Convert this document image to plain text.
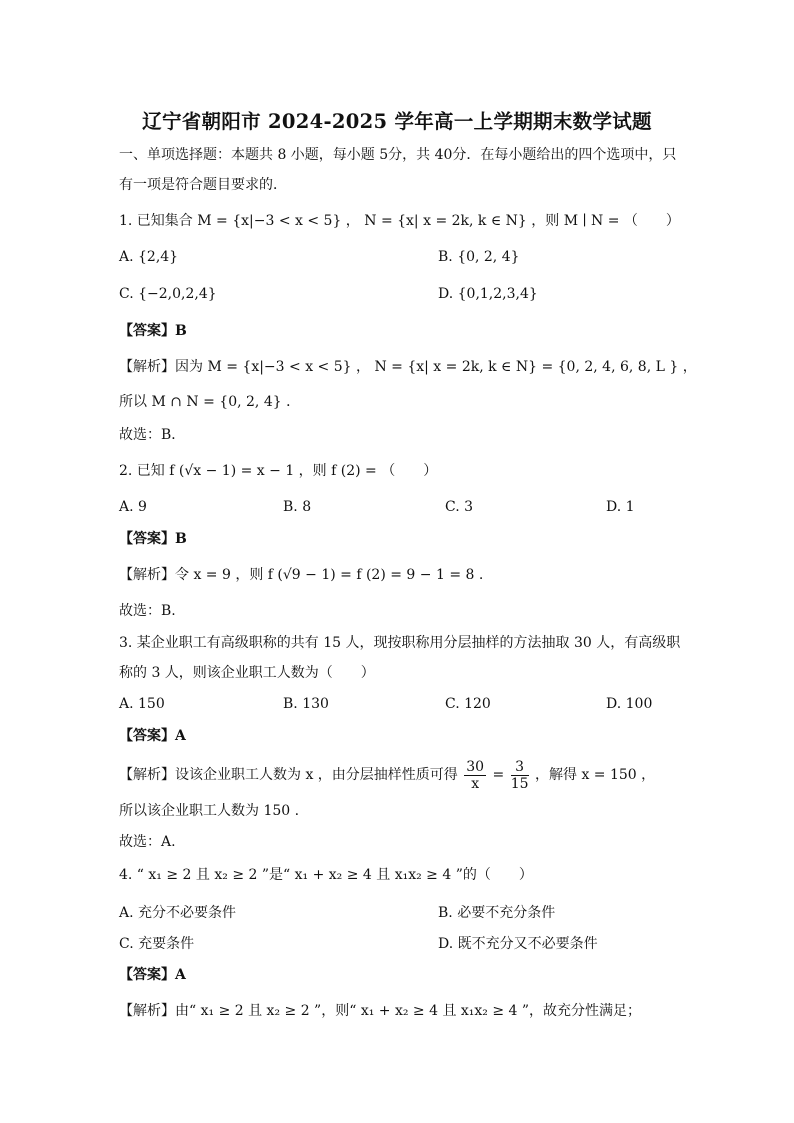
辽宁省朝阳市 2024-2025 学年高一上学期期末数学试题
一、单项选择题：本题共 8 小题，每小题 5分，共 40分．在每小题给出的四个选项中，只
有一项是符合题目要求的．
1. 已知集合 M = {x|−3 < x < 5} ， N = {x| x = 2k, k ∈ N} ，则 M ∣ N = （　　）
A. {2,4}	B. {0, 2, 4}
C. {−2,0,2,4}	D. {0,1,2,3,4}
【答案】B
【解析】因为 M = {x|−3 < x < 5} ， N = {x| x = 2k, k ∈ N} = {0, 2, 4, 6, 8, L } ，
所以 M ∩ N = {0, 2, 4} ．
故选：B．
2. 已知 f (√x − 1) = x − 1 ，则 f (2) = （　　）
A. 9	B. 8	C. 3	D. 1
【答案】B
【解析】令 x = 9 ，则 f (√9 − 1) = f (2) = 9 − 1 = 8 .
故选：B.
3. 某企业职工有高级职称的共有 15 人，现按职称用分层抽样的方法抽取 30 人，有高级职
称的 3 人，则该企业职工人数为（　　）
A. 150	B. 130	C. 120	D. 100
【答案】A
【解析】设该企业职工人数为 x ，由分层抽样性质可得 $\frac{30}{x} = \frac{3}{15}$ ，解得 x = 150 ，
所以该企业职工人数为 150 .
故选：A.
4. “ x₁ ≥ 2 且 x₂ ≥ 2 ”是“ x₁ + x₂ ≥ 4 且 x₁x₂ ≥ 4 ”的（　　）
A. 充分不必要条件	B. 必要不充分条件
C. 充要条件	D. 既不充分又不必要条件
【答案】A
【解析】由“ x₁ ≥ 2 且 x₂ ≥ 2 ”，则“ x₁ + x₂ ≥ 4 且 x₁x₂ ≥ 4 ”，故充分性满足；
